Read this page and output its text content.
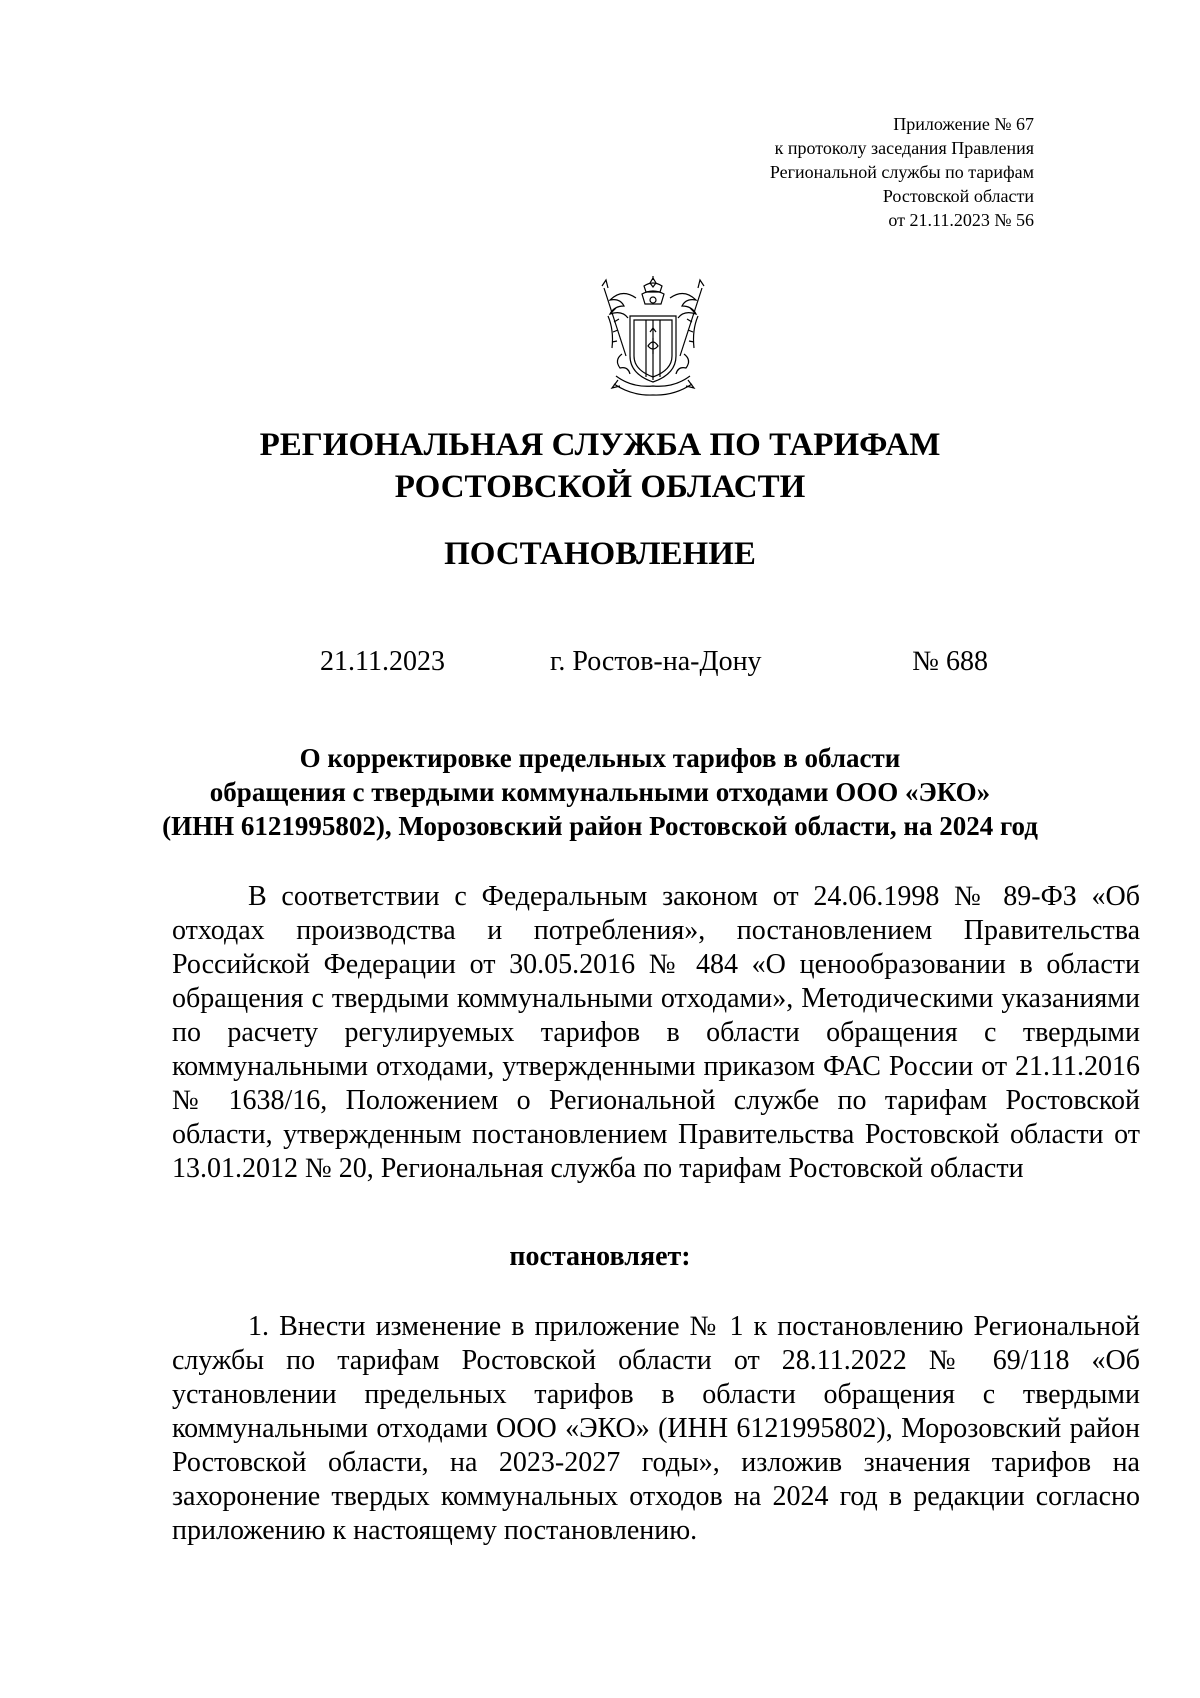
Приложение № 67
к протоколу заседания Правления
Региональной службы по тарифам
Ростовской области
от 21.11.2023 № 56
РЕГИОНАЛЬНАЯ СЛУЖБА ПО ТАРИФАМ
РОСТОВСКОЙ ОБЛАСТИ
ПОСТАНОВЛЕНИЕ
21.11.2023	г. Ростов-на-Дону	№ 688
О корректировке предельных тарифов в области
обращения с твердыми коммунальными отходами ООО «ЭКО»
(ИНН 6121995802), Морозовский район Ростовской области, на 2024 год
В соответствии с Федеральным законом от 24.06.1998 № 89-ФЗ «Об отходах производства и потребления», постановлением Правительства Российской Федерации от 30.05.2016 № 484 «О ценообразовании в области обращения с твердыми коммунальными отходами», Методическими указаниями по расчету регулируемых тарифов в области обращения с твердыми коммунальными отходами, утвержденными приказом ФАС России от 21.11.2016 № 1638/16, Положением о Региональной службе по тарифам Ростовской области, утвержденным постановлением Правительства Ростовской области от 13.01.2012 № 20, Региональная служба по тарифам Ростовской области
постановляет:
1. Внести изменение в приложение № 1 к постановлению Региональной службы по тарифам Ростовской области от 28.11.2022 № 69/118 «Об установлении предельных тарифов в области обращения с твердыми коммунальными отходами ООО «ЭКО» (ИНН 6121995802), Морозовский район Ростовской области, на 2023-2027 годы», изложив значения тарифов на захоронение твердых коммунальных отходов на 2024 год в редакции согласно приложению к настоящему постановлению.
